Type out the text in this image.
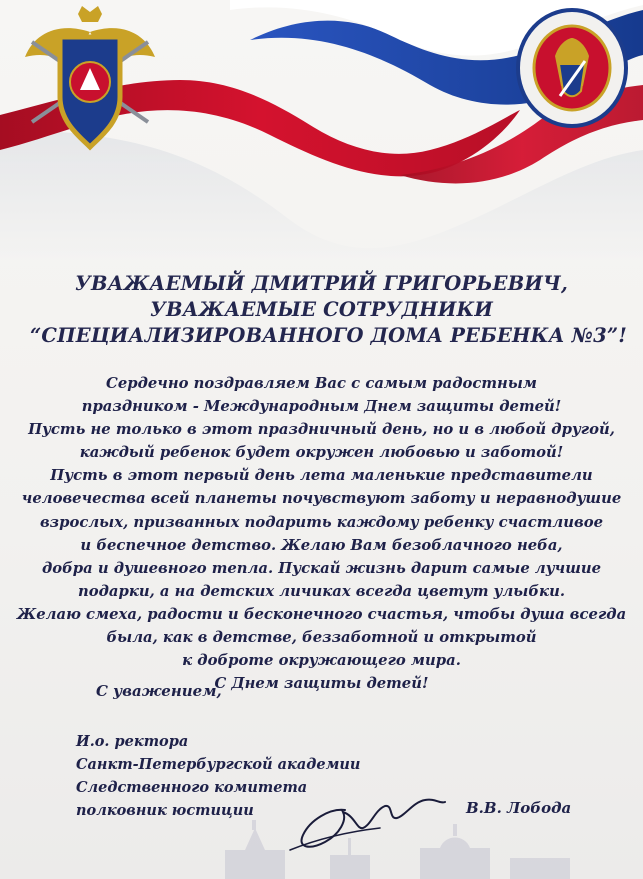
УВАЖАЕМЫЙ ДМИТРИЙ ГРИГОРЬЕВИЧ,
УВАЖАЕМЫЕ СОТРУДНИКИ
“СПЕЦИАЛИЗИРОВАННОГО ДОМА РЕБЕНКА №3”!
Сердечно поздравляем Вас с самым радостным
праздником - Международным Днем защиты детей!
Пусть не только в этот праздничный день, но и в любой другой,
каждый ребенок будет окружен любовью и заботой!
Пусть в этот первый день лета маленькие представители
человечества всей планеты почувствуют заботу и неравнодушие
взрослых, призванных подарить каждому ребенку счастливое
и беспечное детство. Желаю Вам безоблачного неба,
добра и душевного тепла. Пускай жизнь дарит самые лучшие
подарки, а на детских личиках всегда цветут улыбки.
Желаю смеха, радости и бесконечного счастья, чтобы душа всегда
была, как в детстве, беззаботной и открытой
к доброте окружающего мира.
С Днем защиты детей!
С уважением,
И.о. ректора
Санкт-Петербургской академии
Следственного комитета
полковник юстиции	В.В. Лобода
